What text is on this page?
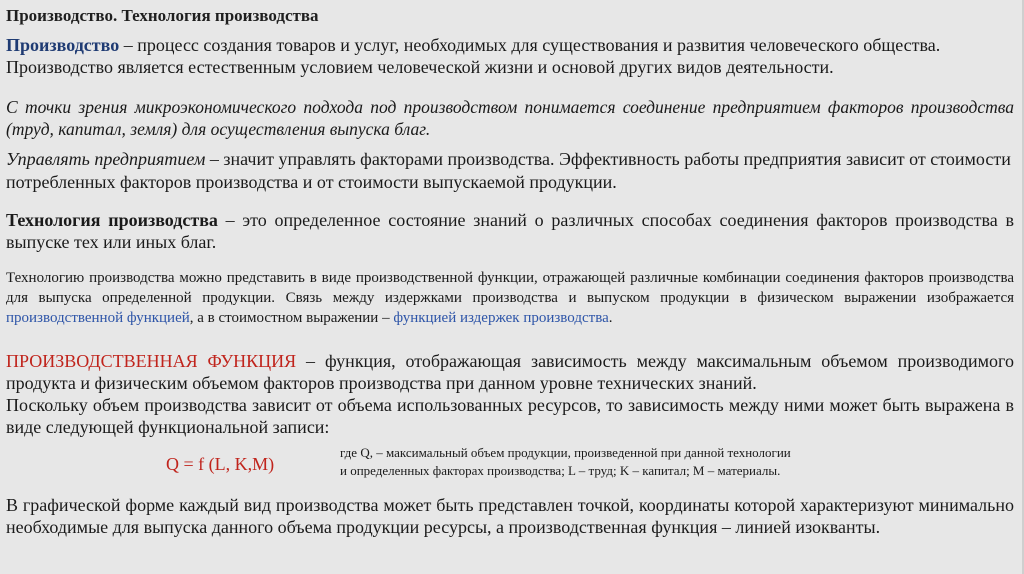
Производство. Технология производства
Производство – процесс создания товаров и услуг, необходимых для существования и развития человеческого общества. Производство является естественным условием человеческой жизни и основой других видов деятельности.
С точки зрения микроэкономического подхода под производством понимается соединение предприятием факторов производства (труд, капитал, земля) для осуществления выпуска благ.
Управлять предприятием – значит управлять факторами производства. Эффективность работы предприятия зависит от стоимости потребленных факторов производства и от стоимости выпускаемой продукции.
Технология производства – это определенное состояние знаний о различных способах соединения факторов производства в выпуске тех или иных благ.
Технологию производства можно представить в виде производственной функции, отражающей различные комбинации соединения факторов производства для выпуска определенной продукции. Связь между издержками производства и выпуском продукции в физическом выражении изображается производственной функцией, а в стоимостном выражении – функцией издержек производства.
ПРОИЗВОДСТВЕННАЯ ФУНКЦИЯ – функция, отображающая зависимость между максимальным объемом производимого продукта и физическим объемом факторов производства при данном уровне технических знаний.
Поскольку объем производства зависит от объема использованных ресурсов, то зависимость между ними может быть выражена в виде следующей функциональной записи:
Q = f (L, K,M)
где Q, – максимальный объем продукции, произведенной при данной технологии
и определенных факторах производства; L – труд; K – капитал; M – материалы.
В графической форме каждый вид производства может быть представлен точкой, координаты которой характеризуют минимально необходимые для выпуска данного объема продукции ресурсы, а производственная функция – линией изокванты.
